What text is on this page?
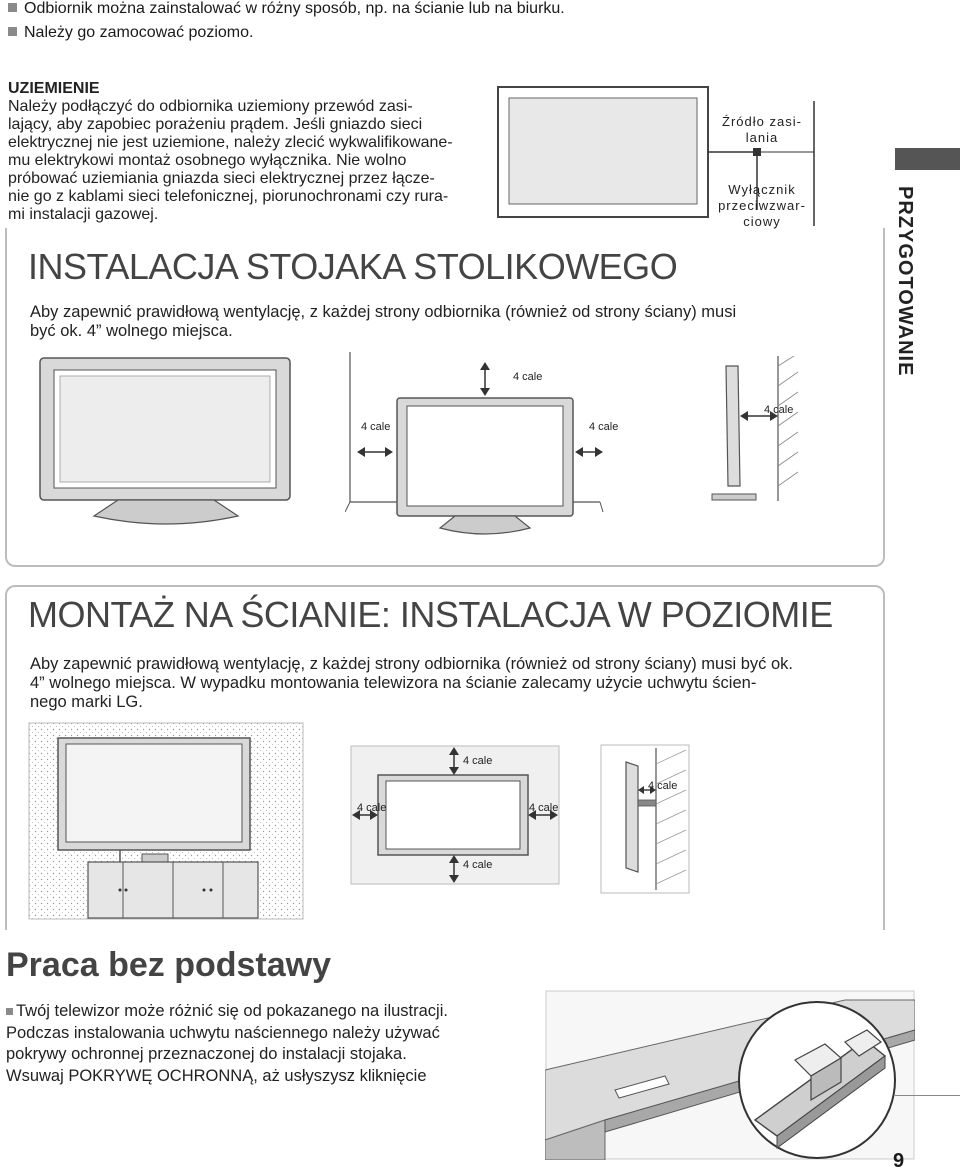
Odbiornik można zainstalować w różny sposób, np. na ścianie lub na biurku.
Należy go zamocować poziomo.
UZIEMIENIE
Należy podłączyć do odbiornika uziemiony przewód zasi-
lający, aby zapobiec porażeniu prądem. Jeśli gniazdo sieci
elektrycznej nie jest uziemione, należy zlecić wykwalifikowane-
mu elektrykowi montaż osobnego wyłącznika. Nie wolno
próbować uziemiania gniazda sieci elektrycznej przez łącze-
nie go z kablami sieci telefonicznej, piorunochronami czy rura-
mi instalacji gazowej.
Źródło zasi-
lania
Wyłącznik
przeciwzwar-
ciowy	PRZYGOTOWANIE
INSTALACJA STOJAKA STOLIKOWEGO
Aby zapewnić prawidłową wentylację, z każdej strony odbiornika (również od strony ściany) musi
być ok. 4” wolnego miejsca.
4 cale
4 cale	4 cale
4 cale
MONTAŻ NA ŚCIANIE: INSTALACJA W POZIOMIE
Aby zapewnić prawidłową wentylację, z każdej strony odbiornika (również od strony ściany) musi być ok.
4” wolnego miejsca. W wypadku montowania telewizora na ścianie zalecamy użycie uchwytu ścien-
nego marki LG.
4 cale
4 cale	4 cale
4 cale
4 cale
Praca bez podstawy
Twój telewizor może różnić się od pokazanego na ilustracji.
Podczas instalowania uchwytu naściennego należy używać
pokrywy ochronnej przeznaczonej do instalacji stojaka.
Wsuwaj POKRYWĘ OCHRONNĄ, aż usłyszysz kliknięcie
9
